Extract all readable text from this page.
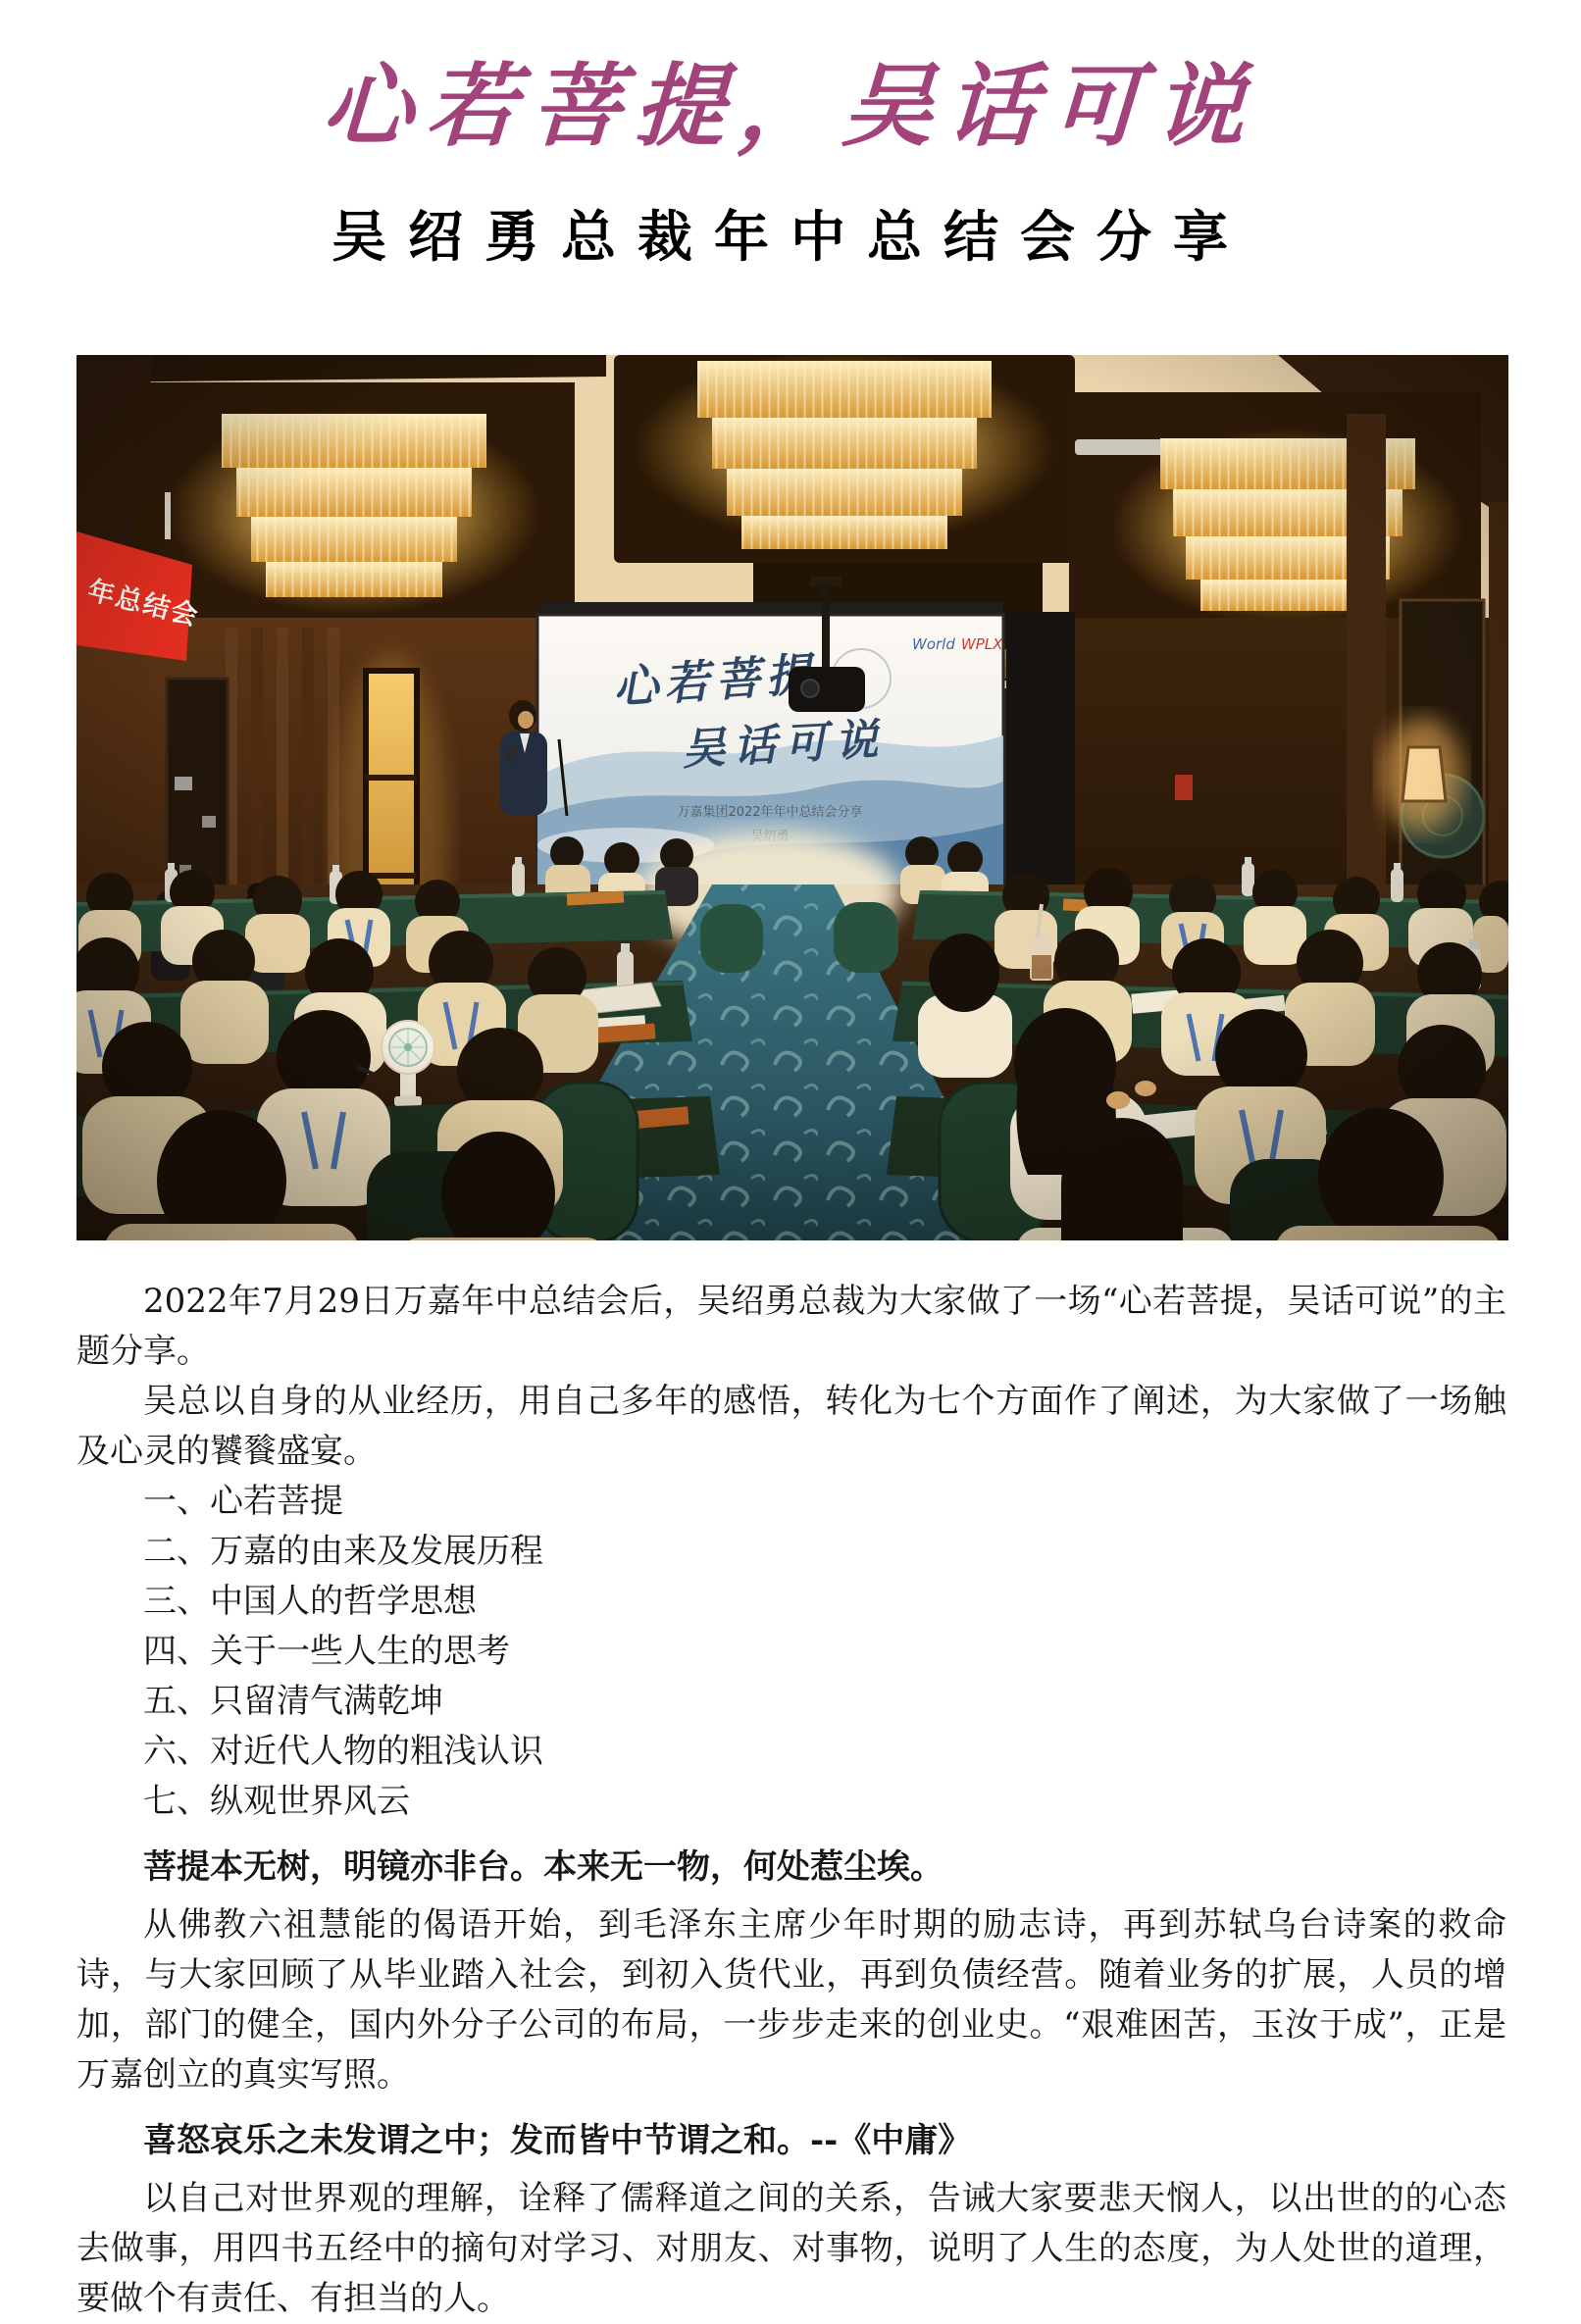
心若菩提，吴话可说
吴绍勇总裁年中总结会分享

2022年7月29日万嘉年中总结会后，吴绍勇总裁为大家做了一场“心若菩提，吴话可说”的主题分享。

吴总以自身的从业经历，用自己多年的感悟，转化为七个方面作了阐述，为大家做了一场触及心灵的饕餮盛宴。

一、心若菩提
二、万嘉的由来及发展历程
三、中国人的哲学思想
四、关于一些人生的思考
五、只留清气满乾坤
六、对近代人物的粗浅认识
七、纵观世界风云
菩提本无树，明镜亦非台。本来无一物，何处惹尘埃。

从佛教六祖慧能的偈语开始，到毛泽东主席少年时期的励志诗，再到苏轼乌台诗案的救命诗，与大家回顾了从毕业踏入社会，到初入货代业，再到负债经营。随着业务的扩展，人员的增加，部门的健全，国内外分子公司的布局，一步步走来的创业史。“艰难困苦，玉汝于成”，正是万嘉创立的真实写照。

喜怒哀乐之未发谓之中；发而皆中节谓之和。--《中庸》

以自己对世界观的理解，诠释了儒释道之间的关系，告诫大家要悲天悯人，以出世的的心态去做事，用四书五经中的摘句对学习、对朋友、对事物，说明了人生的态度，为人处世的道理，要做个有责任、有担当的人。
